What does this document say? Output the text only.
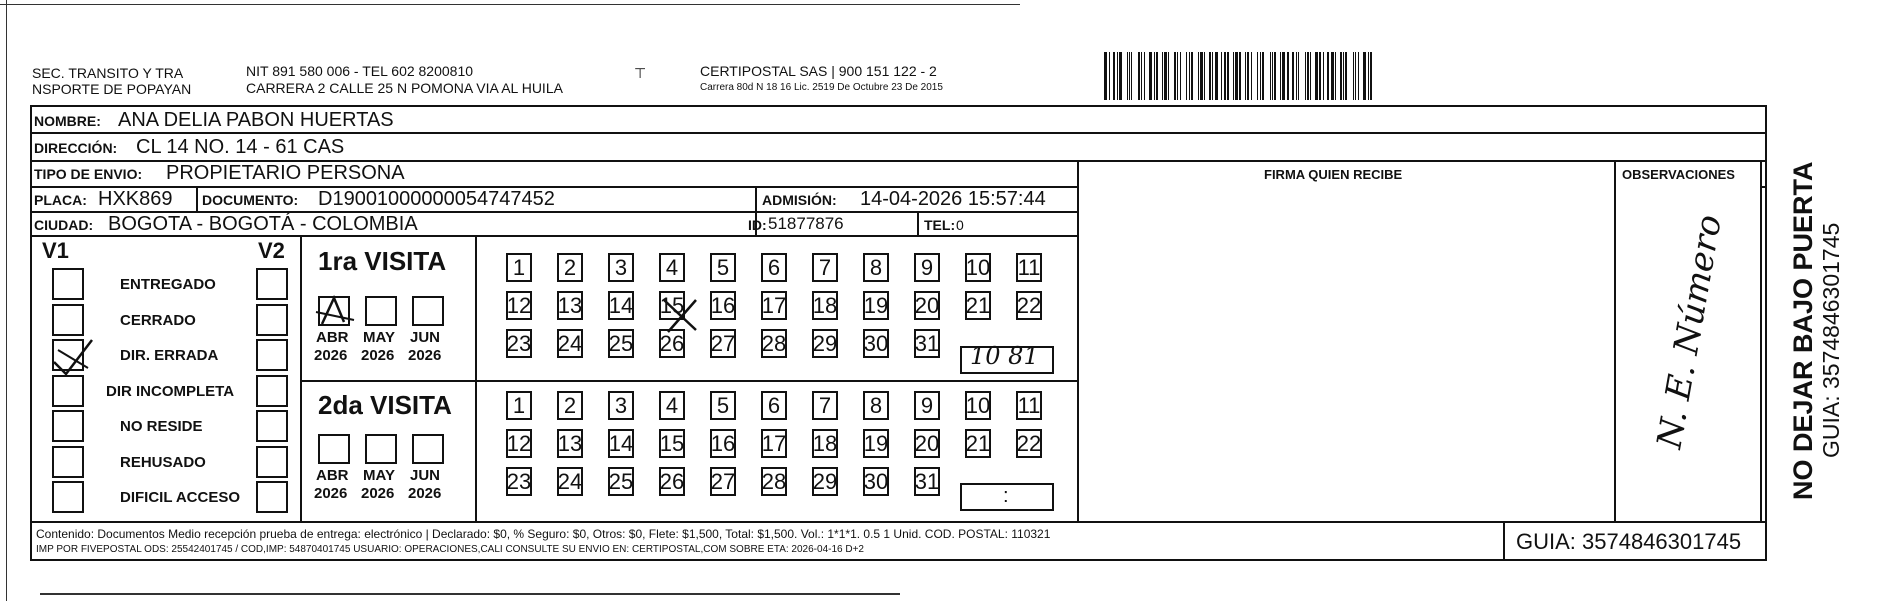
SEC. TRANSITO Y TRA
NSPORTE DE POPAYAN
NIT 891 580 006 - TEL 602 8200810
CARRERA 2 CALLE 25 N POMONA VIA AL HUILA
⊤	CERTIPOSTAL SAS | 900 151 122 - 2
Carrera 80d N 18 16 Lic. 2519 De Octubre 23 De 2015
NOMBRE: ANA DELIA PABON HUERTAS
DIRECCIÓN: CL 14 NO. 14 - 61 CAS
TIPO DE ENVIO: PROPIETARIO PERSONA
PLACA: HXK869 DOCUMENTO: D19001000000054747452	ADMISIÓN: 14-04-2026 15:57:44
CIUDAD: BOGOTA - BOGOTÁ - COLOMBIA	ID: 51877876	TEL: 0
FIRMA QUIEN RECIBE	OBSERVACIONES
N. E. Número
V1	V2
ENTREGADO
CERRADO
DIR. ERRADA
DIR INCOMPLETA
NO RESIDE
REHUSADO
DIFICIL ACCESO
1ra VISITA
2da VISITA
ABR
2026
MAY
2026
JUN
2026
1	2	3	4	5	6	7	8	9	10 11
12 13 14 15 16 17 18 19 20 21 22
23 24 25 26 27 28 29 30 31
ABR
2026
MAY
2026
JUN
2026
1	2	3	4	5	6	7	8	9	10 11
12 13 14 15 16 17 18 19 20 21 22
23 24 25 26 27 28 29 30 31
10 81
:
Contenido: Documentos Medio recepción prueba de entrega: electrónico | Declarado: $0, % Seguro: $0, Otros: $0, Flete: $1,500, Total: $1,500. Vol.: 1*1*1. 0.5 1 Unid. COD. POSTAL: 110321
IMP POR FIVEPOSTAL ODS: 25542401745 / COD,IMP: 54870401745 USUARIO: OPERACIONES,CALI CONSULTE SU ENVIO EN: CERTIPOSTAL,COM SOBRE ETA: 2026-04-16 D+2	GUIA: 3574846301745
NO DEJAR BAJO PUERTA GUIA: 3574846301745
